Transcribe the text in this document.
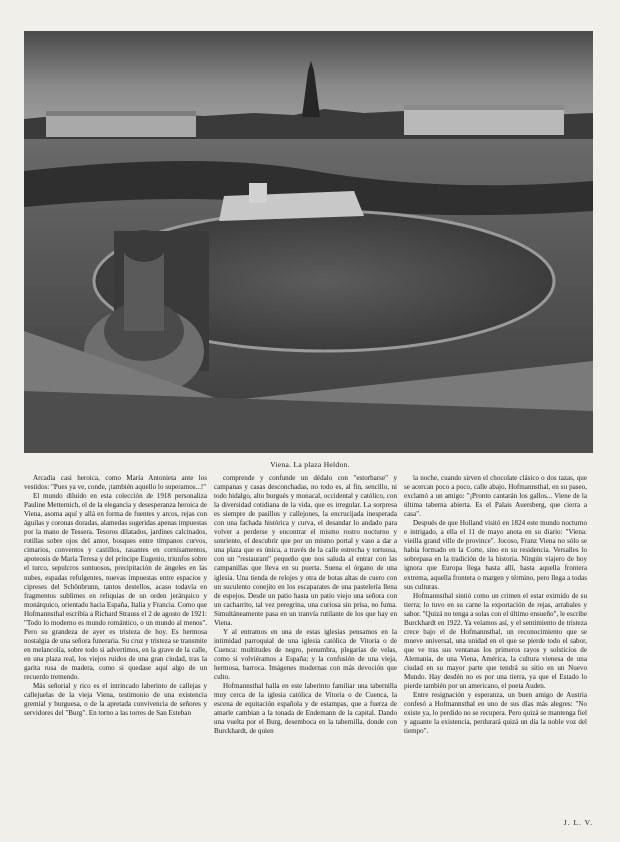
Viena. La plaza Heldon.

Arcadia casi heroica, como María Antonieta ante los vestidos: "Pues ya ve, conde, ¡también aquello lo superamos...!"

El mundo diluido en esta colección de 1918 personaliza Pauline Metternich, el de la elegancia y desesperanza heroica de Viena, asoma aquí y allá en forma de fuentes y arcos, rejas con águilas y coronas doradas, alamedas sugeridas apenas impuestas por la mano de Tessera. Tesoros dilatados, jardines calcinados, rotillas sobre ojos del amor, bosques entre tímpanos curvos, cimarios, conventos y castillos, rasantes en cornisamentos, apoteosis de María Teresa y del príncipe Eugenio, triunfos sobre el turco, sepulcros suntuosos, precipitación de ángeles en las nubes, espadas refulgentes, nuevas impuestas entre espacios y cipreses del Schönbrunn, tantos destellos, acaso todavía en fragmentos sublimes en reliquias de un orden jerárquico y monárquico, orientado hacia España, Italia y Francia. Como que Hofmannsthal escribía a Richard Strauss el 2 de agosto de 1921: "Todo lo moderno es mundo romántico, o un mundo al menos". Pero su grandeza de ayer es tristeza de hoy. Es hermosa nostalgia de una señora funeraria. Su cruz y tristeza se transmite en melancolía, sobre todo si advertimos, en la grave de la calle, en una plaza real, los viejos ruidos de una gran ciudad, tras la garita rusa de madera, como si quedase aquí algo de un recuerdo tremendo.

Más señorial y rico es el intrincado laberinto de callejas y callejuelas de la vieja Viena, testimonio de una existencia gremial y burguesa, o de la apretada convivencia de señores y servidores del "Burg". En torno a las torres de San Esteban

comprende y confunde un dédalo con "estorbarse" y campanas y casas desconchadas, no todo es, al fin, sencillo, ni todo hidalgo, alto burgués y monacal, occidental y católico, con la diversidad cotidiana de la vida, que es irregular. La sorpresa es siempre de pasillos y callejones, la encrucijada inesperada con una fachada histórica y curva, el desandar lo andado para volver a perderse y encontrar el mismo rostro nocturno y sonriente, el descubrir que por un mismo portal y vaso a dar a una plaza que es única, a través de la calle estrecha y tortuosa, con un "restaurant" pequeño que nos saluda al entrar con las campanillas que lleva en su puerta. Suena el órgano de una iglesia. Una tienda de relojes y otra de botas altas de cuero con un suculento conejito en los escaparates de una pastelería llena de espejos. Desde un patio hasta un patio viejo una señora con un cacharrito, tal vez peregrina, una curiosa sin prisa, no fuma. Simultáneamente pasa en un tranvía rutilante de los que hay en Viena.

Y al entramos en una de estas iglesias pensamos en la intimidad parroquial de una iglesia católica de Vitoria o de Cuenca: multitudes de negro, penumbra, plegarias de velas, como si volviéramos a España; y la confusión de una vieja, hermosa, barroca. Imágenes modernas con más devoción que culto.

Hofmannsthal halla en este laberinto familiar una tabernilla muy cerca de la iglesia católica de Vitoria o de Cuenca, la escena de equitación española y de estampas, que a fuerza de amarle cambian a la tonada de Endemann de la capital. Dando una vuelta por el Burg, desemboca en la tabernilla, donde con Burckhardt, de quien

la noche, cuando sirven el chocolate clásico o dos tazas, que se acercan poco a poco, calle abajo, Hofmannsthal, en su paseo, exclamó a un amigo: "¡Pronto cantarán los gallos... Viene de la última taberna abierta. Es el Palais Auersberg, que cierra a casa".

Después de que Holland visitó en 1824 este mundo nocturno e intrigado, a ella el 11 de mayo anota en su diario: "Viena: vieilla grand ville de province". Jocoso, Franz Viena no sólo se había formado en la Corte, sino en su residencia. Versalles lo sobrepasa en la tradición de la historia. Ningún viajero de hoy ignora que Europa llega hasta allí, hasta aquella frontera extrema, aquella frontera o margen y término, pero llega a todas sus culturas.

Hofmannsthal sintió como un crimen el estar eximido de su tierra; lo tuvo en su carne la exportación de rejas, arrabales y sabor. "Quizá no tenga a solas con el último ensueño", le escribe Burckhardt en 1922. Ya veíamos así, y el sentimiento de tristeza crece bajo el de Hofmannsthal, un reconocimiento que se mueve universal, una unidad en el que se pierde todo el sabor, que ve tras sus ventanas los primeros rayos y solsticios de Alemania, de una Viena, América, la cultura vienesa de una ciudad en su mayor parte que tendrá su sitio en un Nuevo Mundo. Hay desdén no es por una tierra, ya que el Estado lo pierde también por un americano, el poeta Auden.

Entre resignación y esperanza, un buen amigo de Austria confesó a Hofmannsthal en uno de sus días más alegres: "No existe ya, lo perdido no se recupera. Pero quizá se mantenga fiel y aguante la existencia, perdurará quizá un día la noble voz del tiempo".

J. L. V.
